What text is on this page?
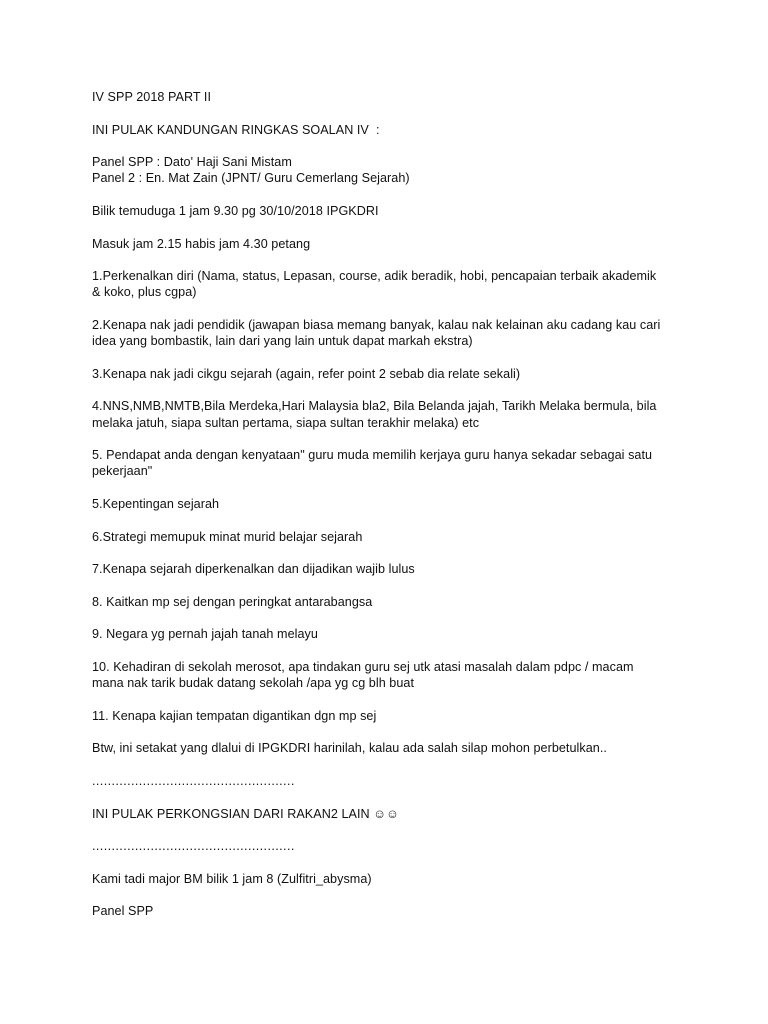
IV SPP 2018 PART II

INI PULAK KANDUNGAN RINGKAS SOALAN IV  :

Panel SPP : Dato' Haji Sani Mistam
Panel 2 : En. Mat Zain (JPNT/ Guru Cemerlang Sejarah)

Bilik temuduga 1 jam 9.30 pg 30/10/2018 IPGKDRI

Masuk jam 2.15 habis jam 4.30 petang

1.Perkenalkan diri (Nama, status, Lepasan, course, adik beradik, hobi, pencapaian terbaik akademik
& koko, plus cgpa)

2.Kenapa nak jadi pendidik (jawapan biasa memang banyak, kalau nak kelainan aku cadang kau cari
idea yang bombastik, lain dari yang lain untuk dapat markah ekstra)

3.Kenapa nak jadi cikgu sejarah (again, refer point 2 sebab dia relate sekali)

4.NNS,NMB,NMTB,Bila Merdeka,Hari Malaysia bla2, Bila Belanda jajah, Tarikh Melaka bermula, bila
melaka jatuh, siapa sultan pertama, siapa sultan terakhir melaka) etc

5. Pendapat anda dengan kenyataan" guru muda memilih kerjaya guru hanya sekadar sebagai satu
pekerjaan"

5.Kepentingan sejarah

6.Strategi memupuk minat murid belajar sejarah

7.Kenapa sejarah diperkenalkan dan dijadikan wajib lulus

8. Kaitkan mp sej dengan peringkat antarabangsa

9. Negara yg pernah jajah tanah melayu

10. Kehadiran di sekolah merosot, apa tindakan guru sej utk atasi masalah dalam pdpc / macam
mana nak tarik budak datang sekolah /apa yg cg blh buat

11. Kenapa kajian tempatan digantikan dgn mp sej

Btw, ini setakat yang dlalui di IPGKDRI harinilah, kalau ada salah silap mohon perbetulkan..

....................................................

INI PULAK PERKONGSIAN DARI RAKAN2 LAIN ☺☺

....................................................

Kami tadi major BM bilik 1 jam 8 (Zulfitri_abysma)

Panel SPP
